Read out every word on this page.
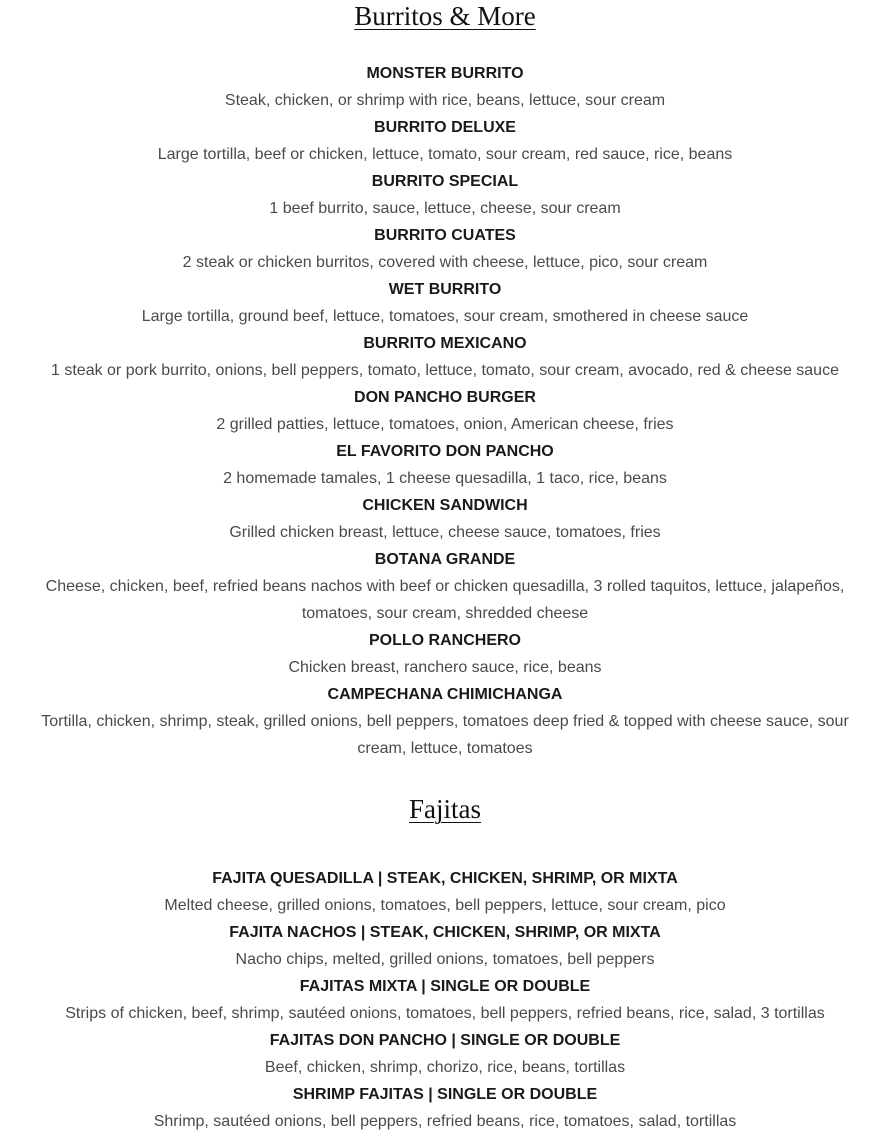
Burritos & More
MONSTER BURRITO
Steak, chicken, or shrimp with rice, beans, lettuce, sour cream
BURRITO DELUXE
Large tortilla, beef or chicken, lettuce, tomato, sour cream, red sauce, rice, beans
BURRITO SPECIAL
1 beef burrito, sauce, lettuce, cheese, sour cream
BURRITO CUATES
2 steak or chicken burritos, covered with cheese, lettuce, pico, sour cream
WET BURRITO
Large tortilla, ground beef, lettuce, tomatoes, sour cream, smothered in cheese sauce
BURRITO MEXICANO
1 steak or pork burrito, onions, bell peppers, tomato, lettuce, tomato, sour cream, avocado, red & cheese sauce
DON PANCHO BURGER
2 grilled patties, lettuce, tomatoes, onion, American cheese, fries
EL FAVORITO DON PANCHO
2 homemade tamales, 1 cheese quesadilla, 1 taco, rice, beans
CHICKEN SANDWICH
Grilled chicken breast, lettuce, cheese sauce, tomatoes, fries
BOTANA GRANDE
Cheese, chicken, beef, refried beans nachos with beef or chicken quesadilla, 3 rolled taquitos, lettuce, jalapeños, tomatoes, sour cream, shredded cheese
POLLO RANCHERO
Chicken breast, ranchero sauce, rice, beans
CAMPECHANA CHIMICHANGA
Tortilla, chicken, shrimp, steak, grilled onions, bell peppers, tomatoes deep fried & topped with cheese sauce, sour cream, lettuce, tomatoes
Fajitas
FAJITA QUESADILLA | STEAK, CHICKEN, SHRIMP, OR MIXTA
Melted cheese, grilled onions, tomatoes, bell peppers, lettuce, sour cream, pico
FAJITA NACHOS | STEAK, CHICKEN, SHRIMP, OR MIXTA
Nacho chips, melted, grilled onions, tomatoes, bell peppers
FAJITAS MIXTA | SINGLE OR DOUBLE
Strips of chicken, beef, shrimp, sautéed onions, tomatoes, bell peppers, refried beans, rice, salad, 3 tortillas
FAJITAS DON PANCHO | SINGLE OR DOUBLE
Beef, chicken, shrimp, chorizo, rice, beans, tortillas
SHRIMP FAJITAS | SINGLE OR DOUBLE
Shrimp, sautéed onions, bell peppers, refried beans, rice, tomatoes, salad, tortillas
